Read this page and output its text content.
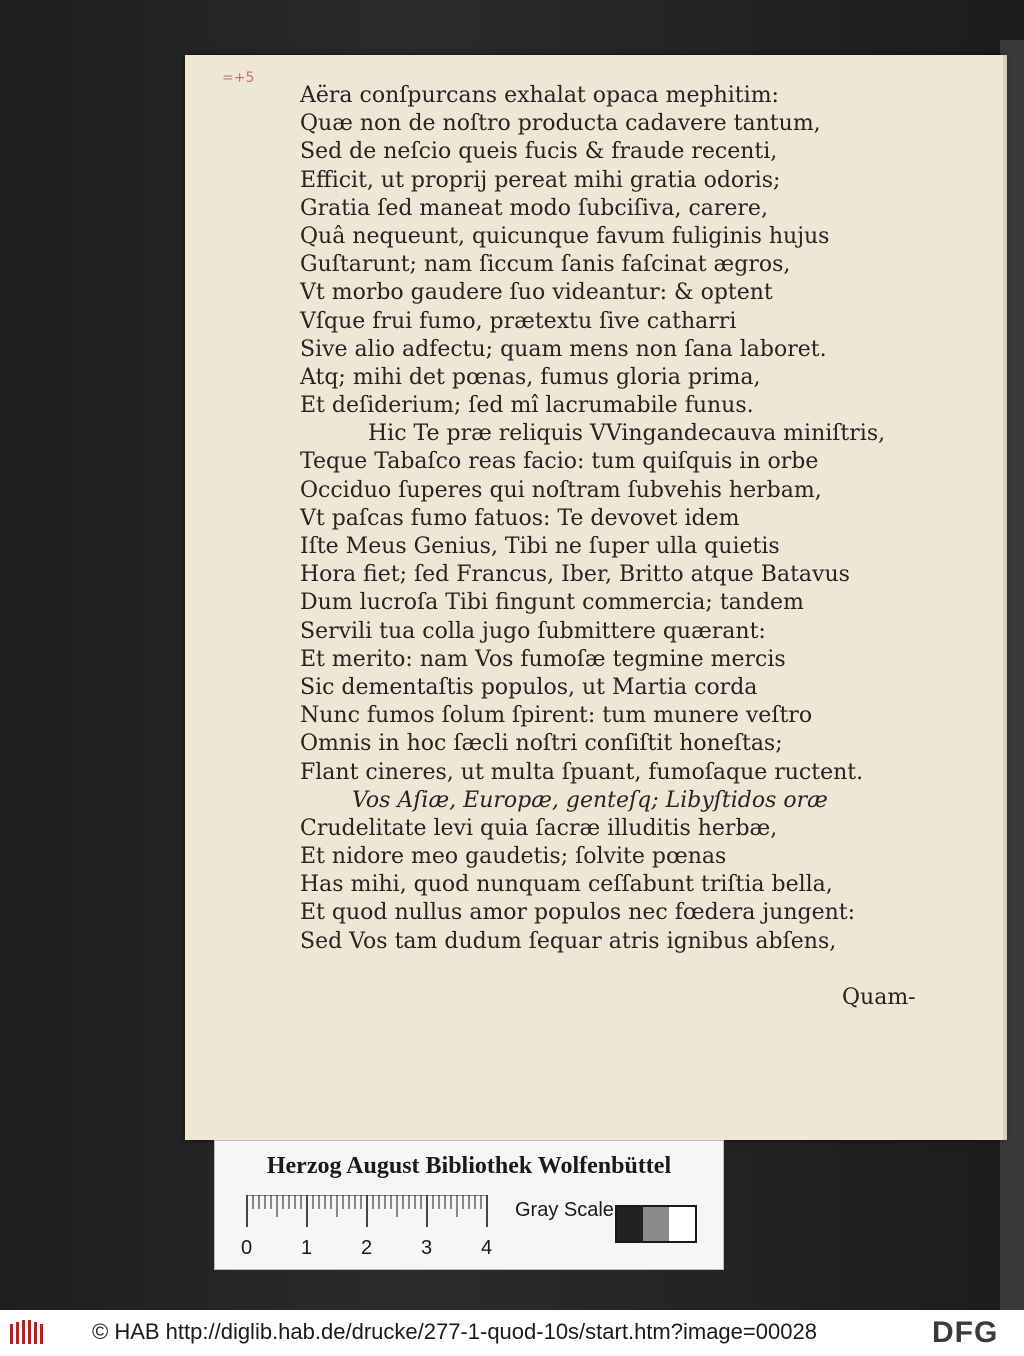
=+5
Aëra conſpurcans exhalat opaca mephitim:
Quæ non de noſtro producta cadavere tantum,
Sed de neſcio queis fucis & fraude recenti,
Efficit, ut proprij pereat mihi gratia odoris;
Gratia ſed maneat modo ſubciſiva, carere,
Quâ nequeunt, quicunque favum fuliginis hujus
Guſtarunt; nam ſiccum ſanis faſcinat ægros,
Vt morbo gaudere ſuo videantur: & optent
Vſque frui fumo, prætextu ſive catharri
Sive alio adfectu; quam mens non ſana laboret.
Atq; mihi det pœnas, fumus gloria prima,
Et deſiderium; ſed mî lacrumabile funus.
Hic Te præ reliquis VVingandecauva miniſtris,
Teque Tabaſco reas facio: tum quiſquis in orbe
Occiduo ſuperes qui noſtram ſubvehis herbam,
Vt paſcas fumo fatuos: Te devovet idem
Iſte Meus Genius, Tibi ne ſuper ulla quietis
Hora fiet; ſed Francus, Iber, Britto atque Batavus
Dum lucroſa Tibi fingunt commercia; tandem
Servili tua colla jugo ſubmittere quærant:
Et merito: nam Vos fumoſæ tegmine mercis
Sic dementaſtis populos, ut Martia corda
Nunc fumos ſolum ſpirent: tum munere veſtro
Omnis in hoc ſæcli noſtri conſiſtit honeſtas;
Flant cineres, ut multa ſpuant, fumoſaque ructent.
Vos Aſiæ, Europæ, genteſq; Libyſtidos oræ
Crudelitate levi quia ſacræ illuditis herbæ,
Et nidore meo gaudetis; ſolvite pœnas
Has mihi, quod nunquam ceſſabunt triſtia bella,
Et quod nullus amor populos nec fœdera jungent:
Sed Vos tam dudum ſequar atris ignibus abſens,
Quam-
Herzog August Bibliothek Wolfenbüttel
0 1 2 3 4
Gray Scale
© HAB http://diglib.hab.de/drucke/277-1-quod-10s/start.htm?image=00028	DFG
